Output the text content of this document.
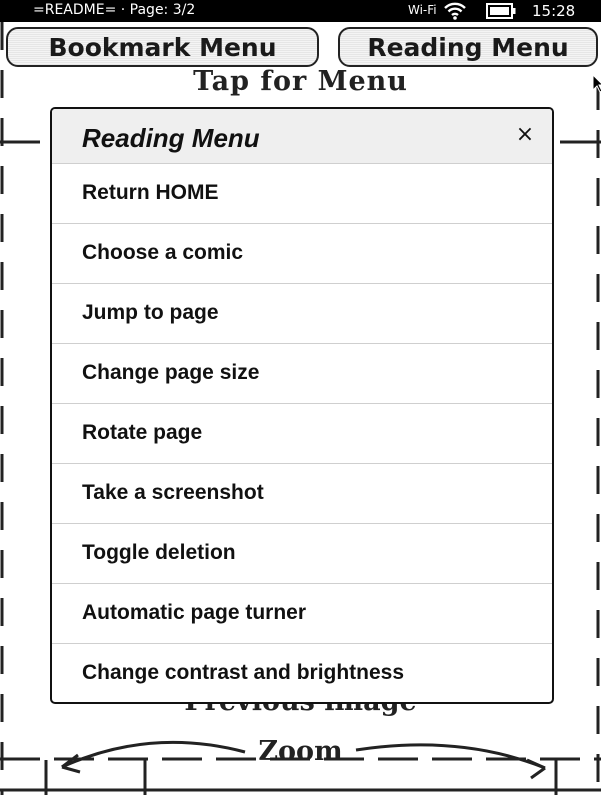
=README= · Page: 3/2	Wi-Fi	15:28
Bookmark Menu	Reading Menu
Tap for Menu
Zoom
Reading Menu	×
Return HOME
Choose a comic
Jump to page
Change page size
Rotate page
Take a screenshot
Toggle deletion
Automatic page turner
Change contrast and brightness
